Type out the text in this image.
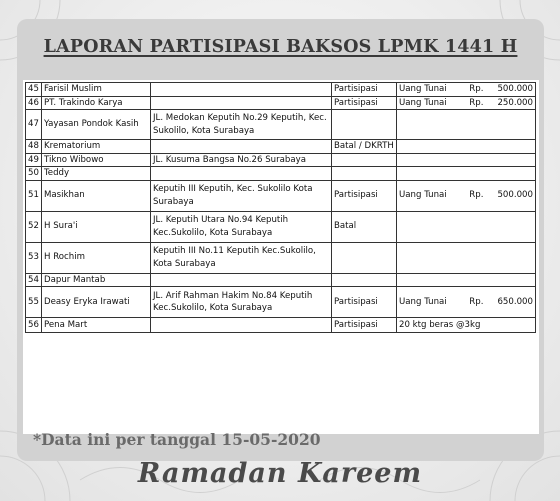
LAPORAN PARTISIPASI BAKSOS LPMK 1441 H
45	Farisil Muslim		Partisipasi	Uang Tunai Rp. 500.000

46	PT. Trakindo Karya		Partisipasi	Uang Tunai Rp. 250.000

47	Yayasan Pondok Kasih	JL. Medokan Keputih No.29 Keputih, Kec. Sukolilo, Kota Surabaya		

48	Krematorium		Batal / DKRTH	

49	Tikno Wibowo	JL. Kusuma Bangsa No.26 Surabaya		

50	Teddy			

51	Masikhan	Keputih III Keputih, Kec. Sukolilo Kota Surabaya	Partisipasi	Uang Tunai Rp. 500.000

52	H Sura'i	JL. Keputih Utara No.94 Keputih Kec.Sukolilo, Kota Surabaya	Batal	

53	H Rochim	Keputih III No.11 Keputih Kec.Sukolilo, Kota Surabaya		

54	Dapur Mantab			

55	Deasy Eryka Irawati	JL. Arif Rahman Hakim No.84 Keputih Kec.Sukolilo, Kota Surabaya	Partisipasi	Uang Tunai Rp. 650.000

56	Pena Mart		Partisipasi	20 ktg beras @3kg
*Data ini per tanggal 15-05-2020
Ramadan Kareem
